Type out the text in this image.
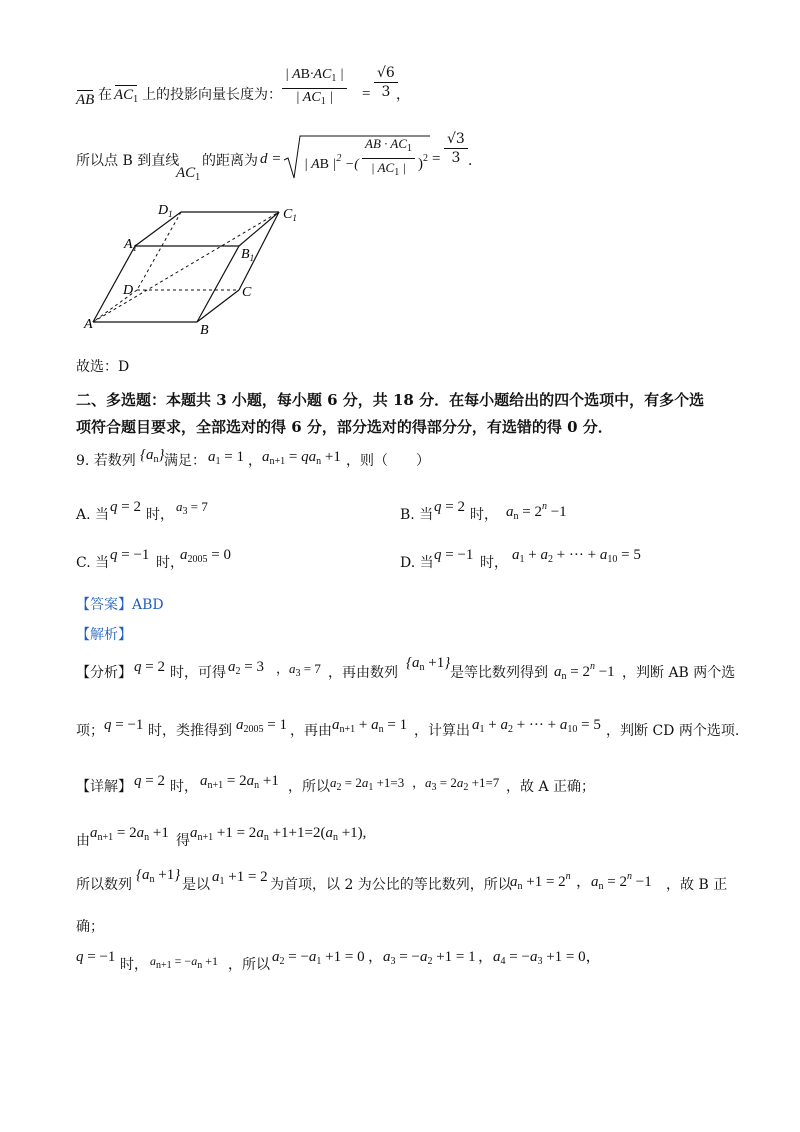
AB 在 $AC_1$ 上的投影向量长度为： $\frac{| AB\cdot AC_1 |}{| AC_1 |} = \frac{√6}{3}$
，
所以点 B 到直线
$AC_1$
的距离为 d = | AB $|^2$ −( $\frac{AB \cdot AC_1}{| AC_1 |} )^2 = \frac{√3}{3}$ ．
$D_1$	$C_1$
$A_1$	$B_1$
D	C
A	B
故选：D
二、多选题：本题共 3 小题，每小题 6 分，共 18 分．在每小题给出的四个选项中，有多个选
项符合题目要求，全部选对的得 6 分，部分选对的得部分分，有选错的得 0 分．
9. 若数列 $\{a_n\}$ 满足： $a_1 = 1$ ， $a_{n+1} = qa_n +1$ ，则（　　）
A. 当 q = 2 时，
$a_3 = 7$
B. 当 q = 2 时， $a_n = 2^n -1$
C. 当 q = −1 时，
$a_{2005} = 0$	D. 当 q = −1 时， $a_1 + a_2$ + ··· + $a_{10} = 5$
【答案】ABD
【解析】
【分析】 q = 2 时，可得 $a_2 = 3$ ，$a_3 = 7$ ，再由数列
$\{a_n +1\}$
是等比数列得到 $a_n = 2^n -1$ ，判断 AB 两个选
项； q = −1 时，类推得到 $a_{2005} = 1$ ，再由 $a_{n+1} + a_n = 1$ ，计算出 $a_1 + a_2$ + ··· + $a_{10} = 5$ ，判断 CD 两个选项.
【详解】 q = 2 时， $a_{n+1} = 2a_n +1$ ，所以 $a_2 = 2a_1 +1=3$ ，$a_3 = 2a_2 +1=7$ ，故 A 正确；
由 $a_{n+1} = 2a_n +1$ 得 $a_{n+1} +1 = 2a_n +1+1=2(a_n +1)$,
所以数列
$\{a_n +1\}$
是以 $a_1 +1 = 2$ 为首项，以 2 为公比的等比数列，所以
$a_n +1 = 2^n$ ，$a_n = 2^n -1$ ，故 B 正
确；
q = −1 时， $a_{n+1} = -a_n +1$ ，所以 $a_2 = -a_1 +1 = 0$ ，$a_3 = -a_2 +1 = 1$ ，$a_4 = -a_3 +1 = 0$，
